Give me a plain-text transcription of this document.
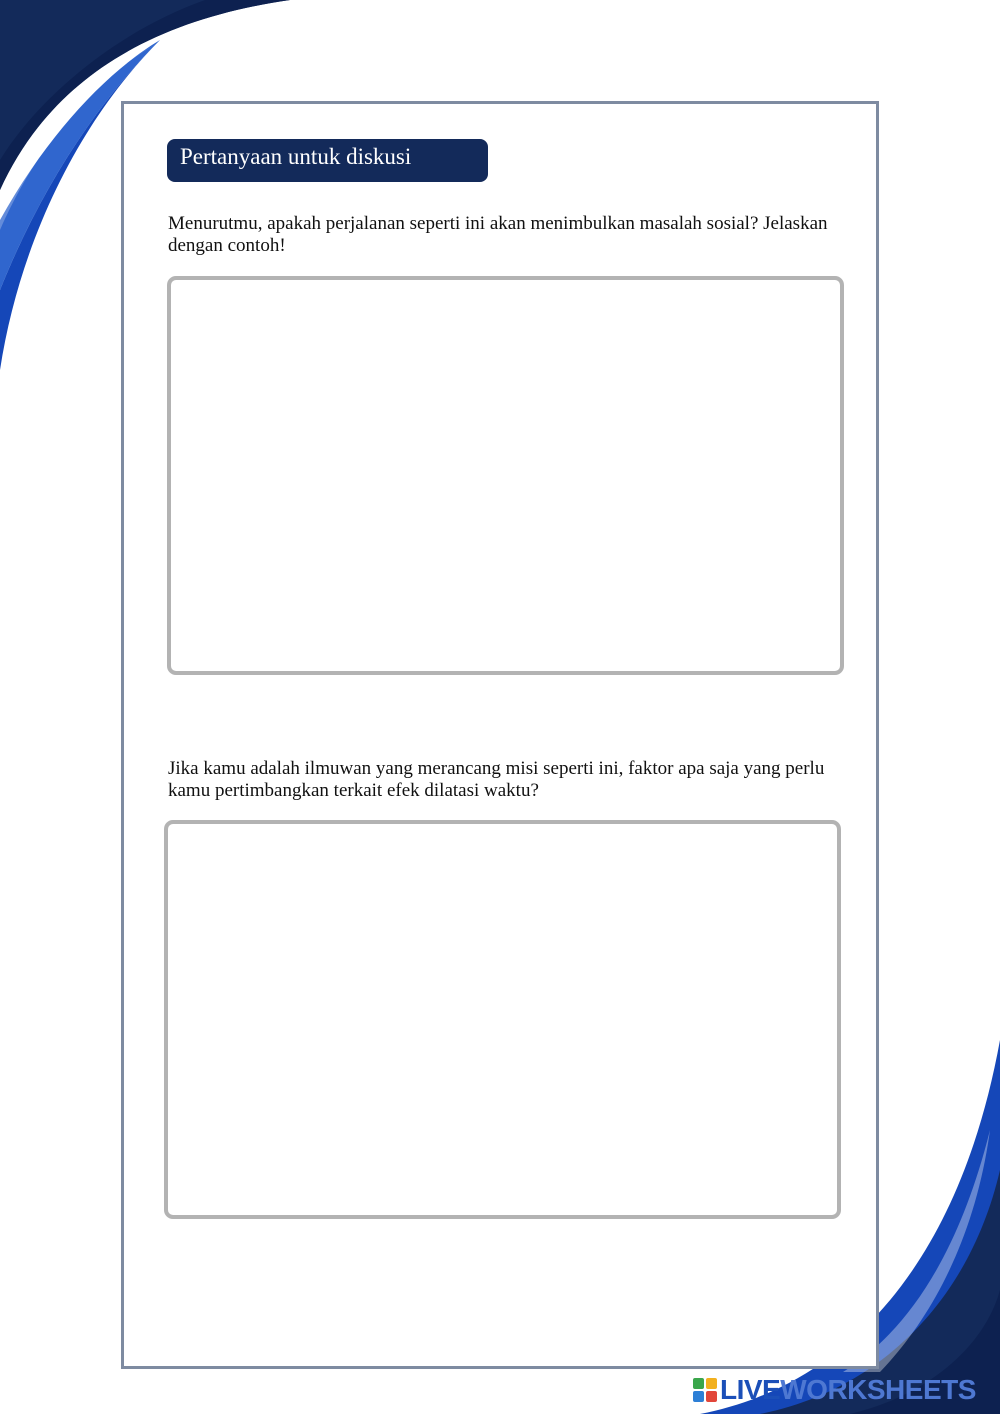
Pertanyaan untuk diskusi
Menurutmu, apakah perjalanan seperti ini akan menimbulkan masalah sosial? Jelaskan dengan contoh!
Jika kamu adalah ilmuwan yang merancang misi seperti ini, faktor apa saja yang perlu kamu pertimbangkan terkait efek dilatasi waktu?
LIVE WORKSHEETS
